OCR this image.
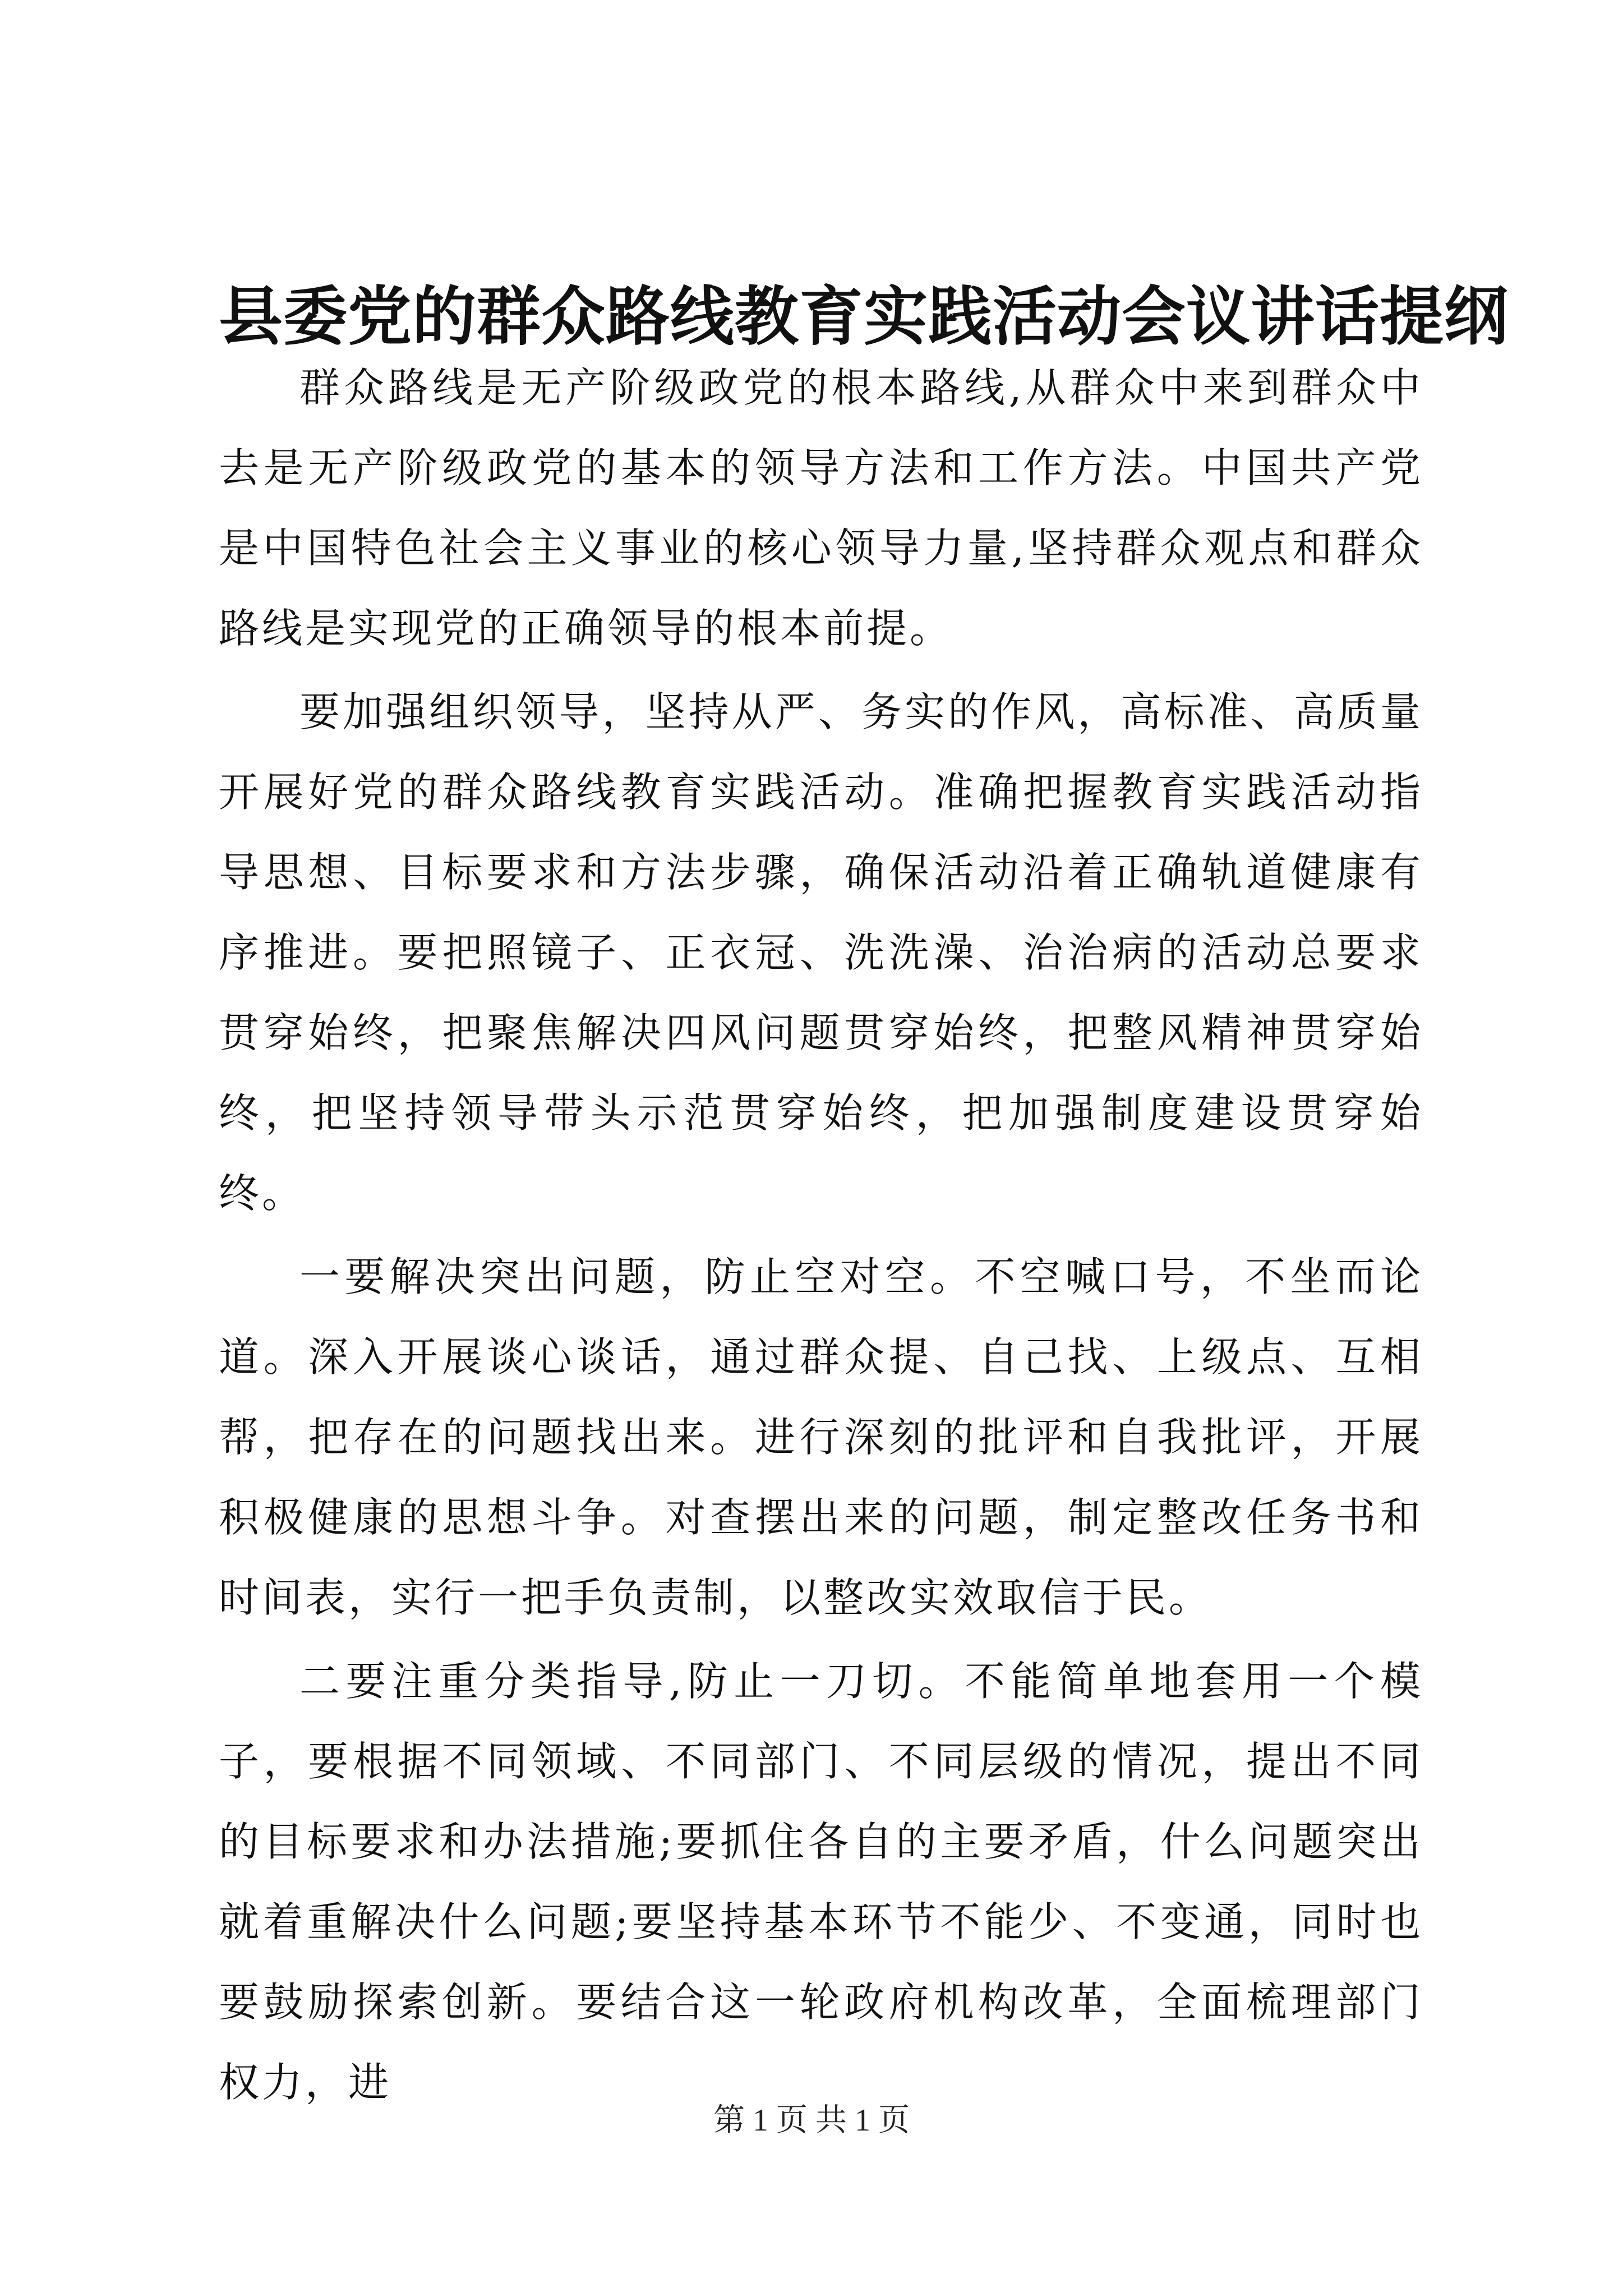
县委党的群众路线教育实践活动会议讲话提纲

群众路线是无产阶级政党的根本路线,从群众中来到群众中去是无产阶级政党的基本的领导方法和工作方法。中国共产党是中国特色社会主义事业的核心领导力量,坚持群众观点和群众路线是实现党的正确领导的根本前提。

要加强组织领导，坚持从严、务实的作风，高标准、高质量开展好党的群众路线教育实践活动。准确把握教育实践活动指导思想、目标要求和方法步骤，确保活动沿着正确轨道健康有序推进。要把照镜子、正衣冠、洗洗澡、治治病的活动总要求贯穿始终，把聚焦解决四风问题贯穿始终，把整风精神贯穿始终，把坚持领导带头示范贯穿始终，把加强制度建设贯穿始终。

一要解决突出问题，防止空对空。不空喊口号，不坐而论道。深入开展谈心谈话，通过群众提、自己找、上级点、互相帮，把存在的问题找出来。进行深刻的批评和自我批评，开展积极健康的思想斗争。对查摆出来的问题，制定整改任务书和时间表，实行一把手负责制，以整改实效取信于民。

二要注重分类指导,防止一刀切。不能简单地套用一个模子，要根据不同领域、不同部门、不同层级的情况，提出不同的目标要求和办法措施;要抓住各自的主要矛盾，什么问题突出就着重解决什么问题;要坚持基本环节不能少、不变通，同时也要鼓励探索创新。要结合这一轮政府机构改革，全面梳理部门权力，进

第 1 页 共 1 页
